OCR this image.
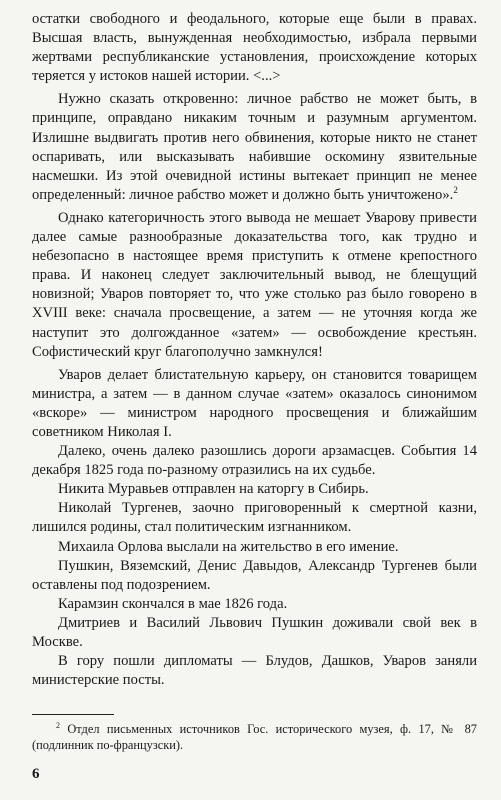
остатки свободного и феодального, которые еще были в правах. Высшая власть, вынужденная необходимостью, избрала первыми жертвами республиканские установления, происхождение которых теряется у истоков нашей истории. <...>

Нужно сказать откровенно: личное рабство не может быть, в принципе, оправдано никаким точным и разумным аргументом. Излишне выдвигать против него обвинения, которые никто не станет оспаривать, или высказывать набившие оскомину язвительные насмешки. Из этой очевидной истины вытекает принцип не менее определенный: личное рабство может и должно быть уничтожено».$^2$

Однако категоричность этого вывода не мешает Уварову привести далее самые разнообразные доказательства того, как трудно и небезопасно в настоящее время приступить к отмене крепостного права. И наконец следует заключительный вывод, не блещущий новизной; Уваров повторяет то, что уже столько раз было говорено в XVIII веке: сначала просвещение, а затем — не уточняя когда же наступит это долгожданное «затем» — освобождение крестьян. Софистический круг благополучно замкнулся!

Уваров делает блистательную карьеру, он становится товарищем министра, а затем — в данном случае «затем» оказалось синонимом «вскоре» — министром народного просвещения и ближайшим советником Николая I.

Далеко, очень далеко разошлись дороги арзамасцев. События 14 декабря 1825 года по-разному отразились на их судьбе.

Никита Муравьев отправлен на каторгу в Сибирь.

Николай Тургенев, заочно приговоренный к смертной казни, лишился родины, стал политическим изгнанником.

Михаила Орлова выслали на жительство в его имение.

Пушкин, Вяземский, Денис Давыдов, Александр Тургенев были оставлены под подозрением.

Карамзин скончался в мае 1826 года.

Дмитриев и Василий Львович Пушкин доживали свой век в Москве.

В гору пошли дипломаты — Блудов, Дашков, Уваров заняли министерские посты.

$^2$ Отдел письменных источников Гос. исторического музея, ф. 17, № 87 (подлинник по-французски).

6
